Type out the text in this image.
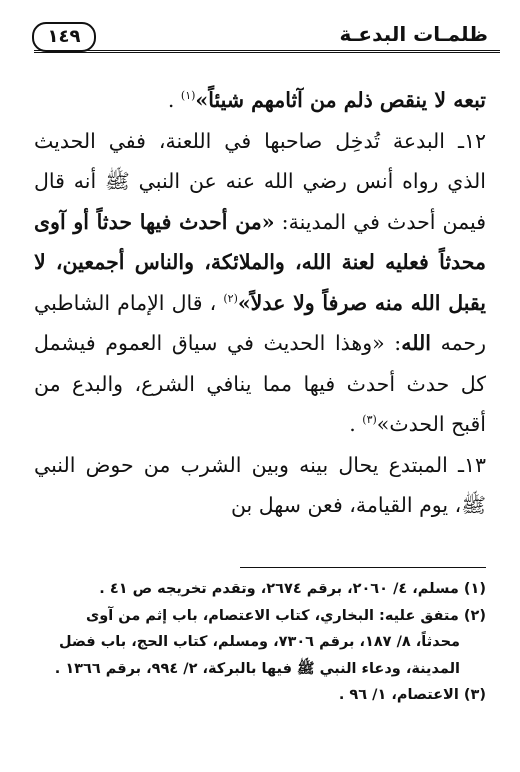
ظلمـات البدعـة
١٤٩

تبعه لا ينقص ذلم من آثامهم شيئاً»$^{(١)}$ .

١٢ـ البدعة تُدخِل صاحبها في اللعنة، ففي الحديث الذي رواه أنس رضي الله عنه عن النبي ﷺ أنه قال فيمن أحدث في المدينة: «من أحدث فيها حدثاً أو آوى محدثاً فعليه لعنة الله، والملائكة، والناس أجمعين، لا يقبل الله منه صرفاً ولا عدلاً»$^{(٢)}$ ، قال الإمام الشاطبي رحمه الله: «وهذا الحديث في سياق العموم فيشمل كل حدث أحدث فيها مما ينافي الشرع، والبدع من أقبح الحدث»$^{(٣)}$ .

١٣ـ المبتدع يحال بينه وبين الشرب من حوض النبي ﷺ، يوم القيامة، فعن سهل بن

(١) مسلم، ٤/ ٢٠٦٠، برقم ٢٦٧٤، وتقدم تخريجه ص ٤١ .

(٢) متفق عليه: البخاري، كتاب الاعتصام، باب إثم من آوى

محدثاً، ٨/ ١٨٧، برقم ٧٣٠٦، ومسلم، كتاب الحج، باب فضل المدينة، ودعاء النبي ﷺ فيها بالبركة، ٢/ ٩٩٤، برقم ١٣٦٦ .

(٣) الاعتصام، ١/ ٩٦ .
